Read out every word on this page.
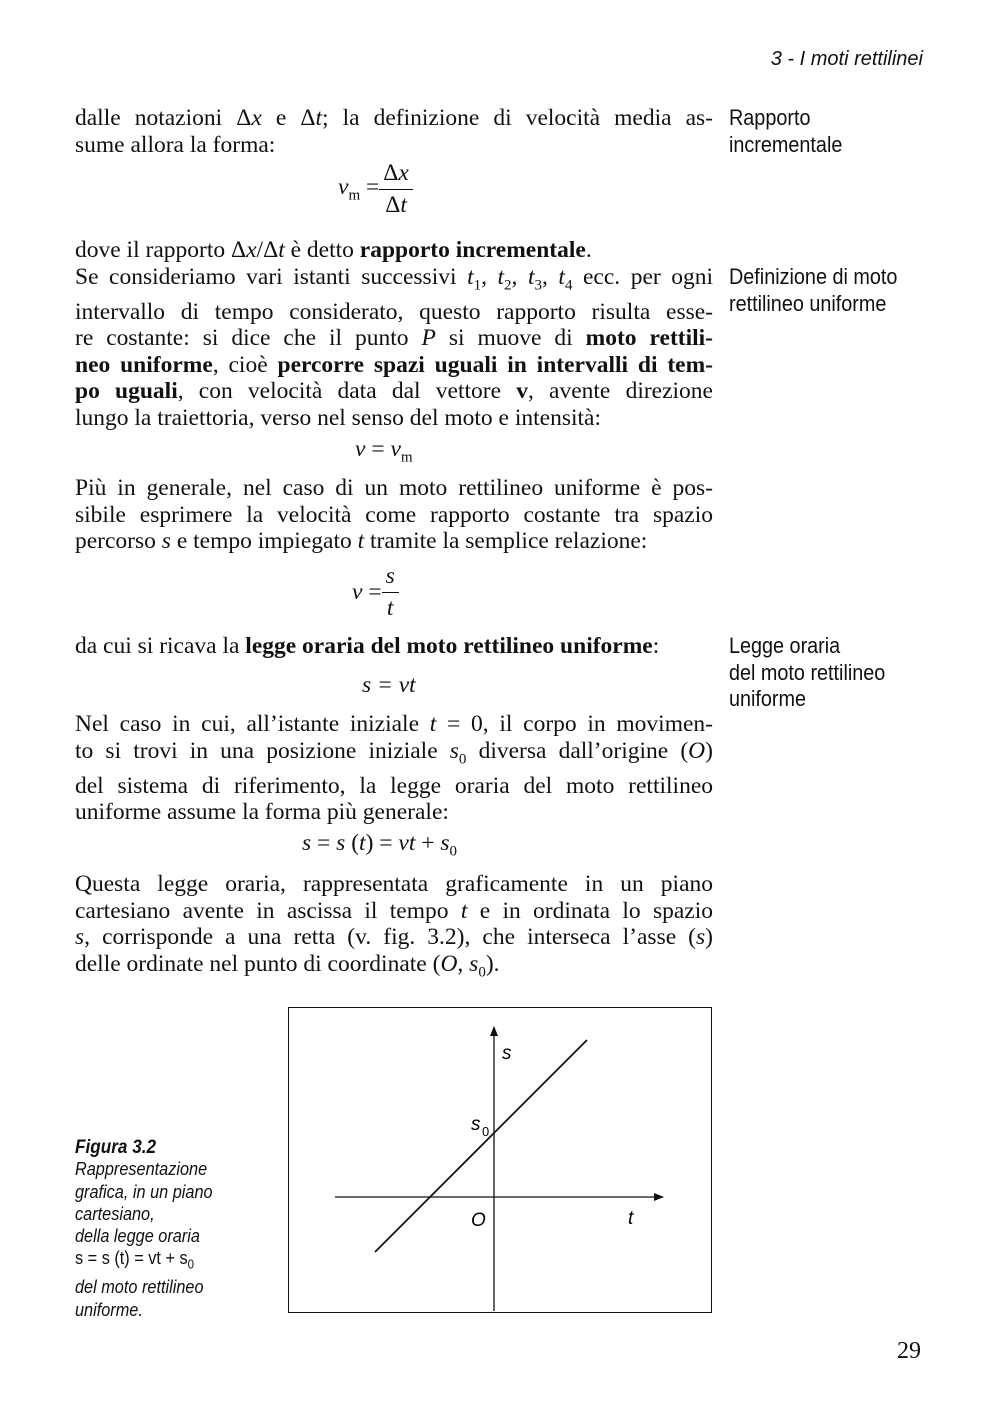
3 - I moti rettilinei
dalle notazioni Δx e Δt; la definizione di velocità media as-
sume allora la forma:
$v_m = \frac{\Delta x}{\Delta t}$
dove il rapporto Δx/Δt è detto rapporto incrementale.
Se consideriamo vari istanti successivi $t_1$, $t_2$, $t_3$, $t_4$ ecc. per ogni
intervallo di tempo considerato, questo rapporto risulta esse-
re costante: si dice che il punto P si muove di moto rettili-
neo uniforme, cioè percorre spazi uguali in intervalli di tem-
po uguali, con velocità data dal vettore v, avente direzione
lungo la traiettoria, verso nel senso del moto e intensità:
$v = v_m$
Più in generale, nel caso di un moto rettilineo uniforme è pos-
sibile esprimere la velocità come rapporto costante tra spazio
percorso s e tempo impiegato t tramite la semplice relazione:
$v = \frac{s}{t}$
da cui si ricava la legge oraria del moto rettilineo uniforme:
s = vt
Nel caso in cui, all’istante iniziale t = 0, il corpo in movimen-
to si trovi in una posizione iniziale $s_0$ diversa dall’origine (O)
del sistema di riferimento, la legge oraria del moto rettilineo
uniforme assume la forma più generale:
s = s (t) = vt + $s_0$
Questa legge oraria, rappresentata graficamente in un piano
cartesiano avente in ascissa il tempo t e in ordinata lo spazio
s, corrisponde a una retta (v. fig. 3.2), che interseca l’asse (s)
delle ordinate nel punto di coordinate (O, $s_0$).
Rapporto
incrementale
Definizione di moto
rettilineo uniforme
Legge oraria
del moto rettilineo
uniforme
Figura 3.2
Rappresentazione
grafica, in un piano
cartesiano,
della legge oraria
s = s (t) = vt + $s_0$
del moto rettilineo
uniforme.
s
t
O
s 0
29
